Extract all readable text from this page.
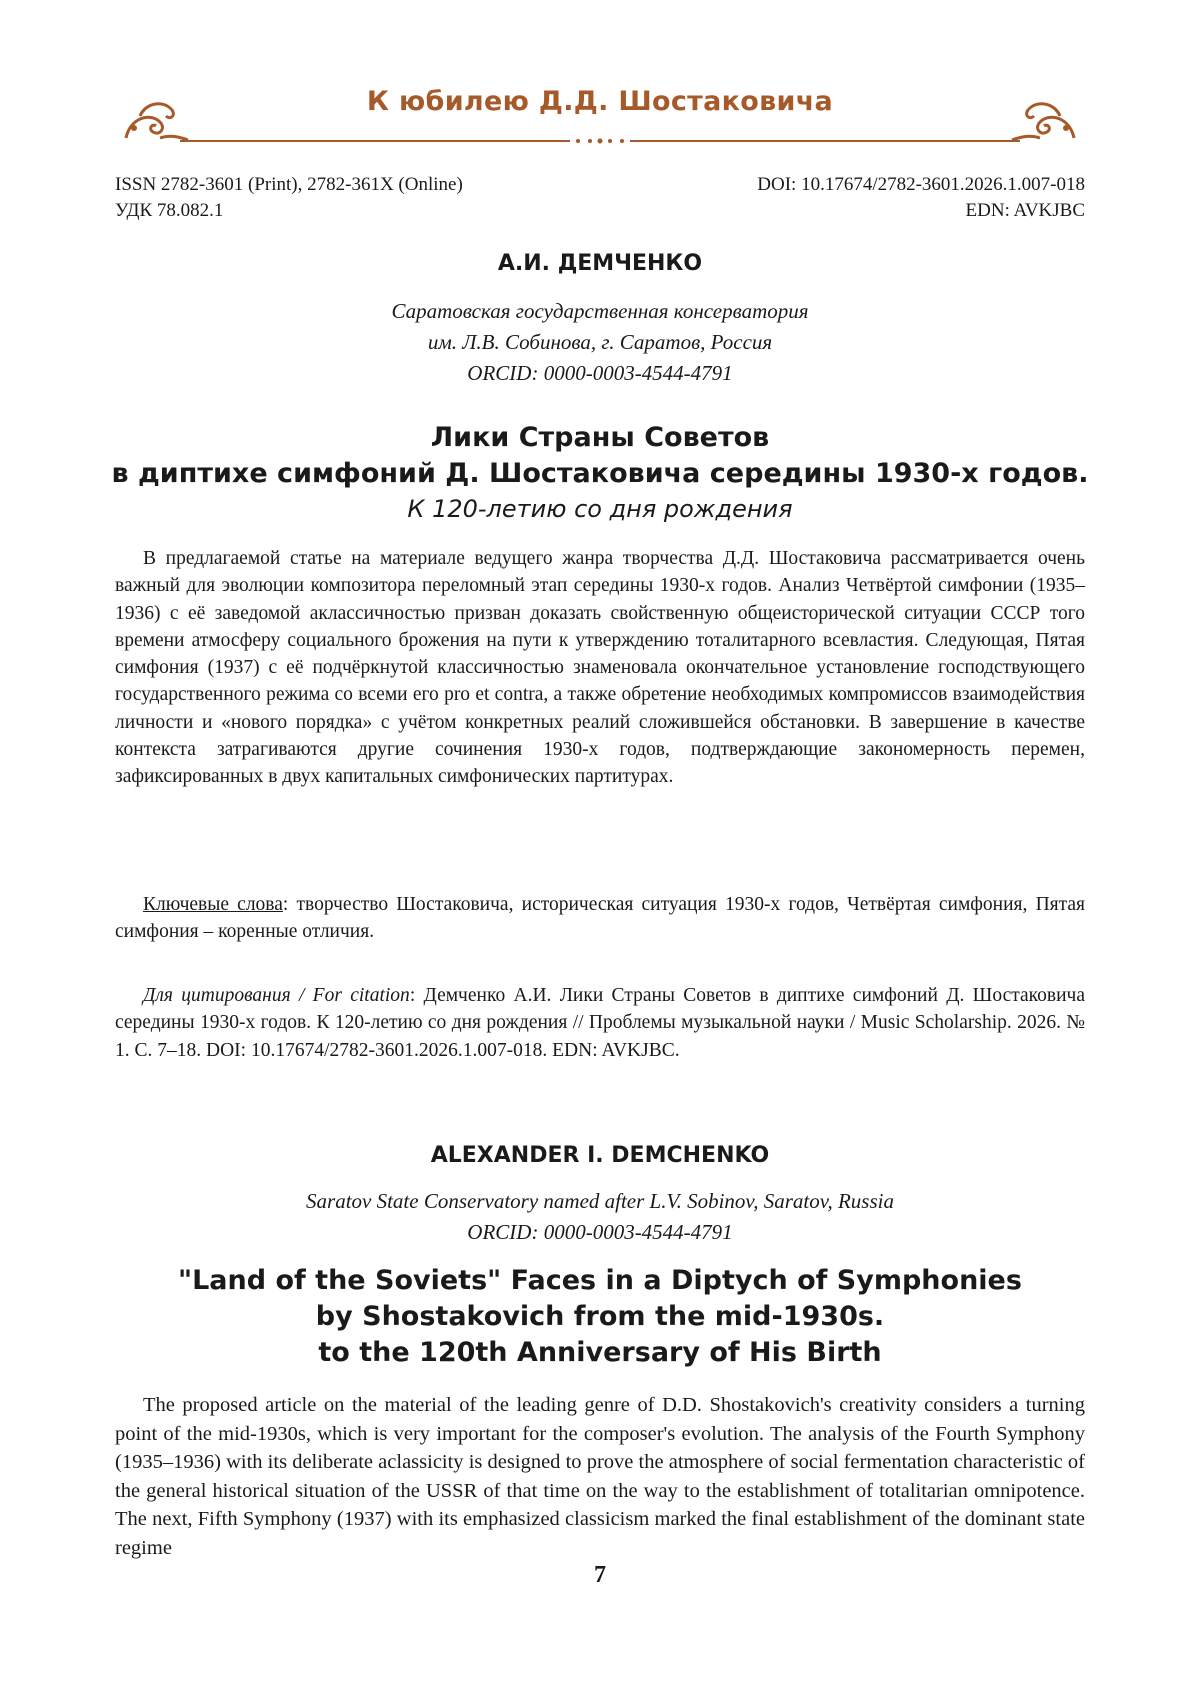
К юбилею Д.Д. Шостаковича
ISSN 2782-3601 (Print), 2782-361X (Online)
УДК 78.082.1
DOI: 10.17674/2782-3601.2026.1.007-018
EDN: AVKJBC
А.И. ДЕМЧЕНКО
Саратовская государственная консерватория
им. Л.В. Собинова, г. Саратов, Россия
ORCID: 0000-0003-4544-4791
Лики Страны Советов
в диптихе симфоний Д. Шостаковича середины 1930-х годов.
К 120-летию со дня рождения
В предлагаемой статье на материале ведущего жанра творчества Д.Д. Шостаковича рассматривается очень важный для эволюции композитора переломный этап середины 1930-х годов. Анализ Четвёртой симфонии (1935–1936) с её заведомой аклассичностью призван доказать свойственную общеисторической ситуации СССР того времени атмосферу социального брожения на пути к утверждению тоталитарного всевластия. Следующая, Пятая симфония (1937) с её подчёркнутой классичностью знаменовала окончательное установление господствующего государственного режима со всеми его pro et contra, а также обретение необходимых компромиссов взаимодействия личности и «нового порядка» с учётом конкретных реалий сложившейся обстановки. В завершение в качестве контекста затрагиваются другие сочинения 1930-х годов, подтверждающие закономерность перемен, зафиксированных в двух капитальных симфонических партитурах.
Ключевые слова: творчество Шостаковича, историческая ситуация 1930-х годов, Четвёртая симфония, Пятая симфония – коренные отличия.
Для цитирования / For citation: Демченко А.И. Лики Страны Советов в диптихе симфоний Д. Шостаковича середины 1930-х годов. К 120-летию со дня рождения // Проблемы музыкальной науки / Music Scholarship. 2026. № 1. С. 7–18. DOI: 10.17674/2782-3601.2026.1.007-018. EDN: AVKJBC.
ALEXANDER I. DEMCHENKO
Saratov State Conservatory named after L.V. Sobinov, Saratov, Russia
ORCID: 0000-0003-4544-4791
"Land of the Soviets" Faces in a Diptych of Symphonies
by Shostakovich from the mid-1930s.
to the 120th Anniversary of His Birth
The proposed article on the material of the leading genre of D.D. Shostakovich's creativity considers a turning point of the mid-1930s, which is very important for the composer's evolution. The analysis of the Fourth Symphony (1935–1936) with its deliberate aclassicity is designed to prove the atmosphere of social fermentation characteristic of the general historical situation of the USSR of that time on the way to the establishment of totalitarian omnipotence. The next, Fifth Symphony (1937) with its emphasized classicism marked the final establishment of the dominant state regime
7
